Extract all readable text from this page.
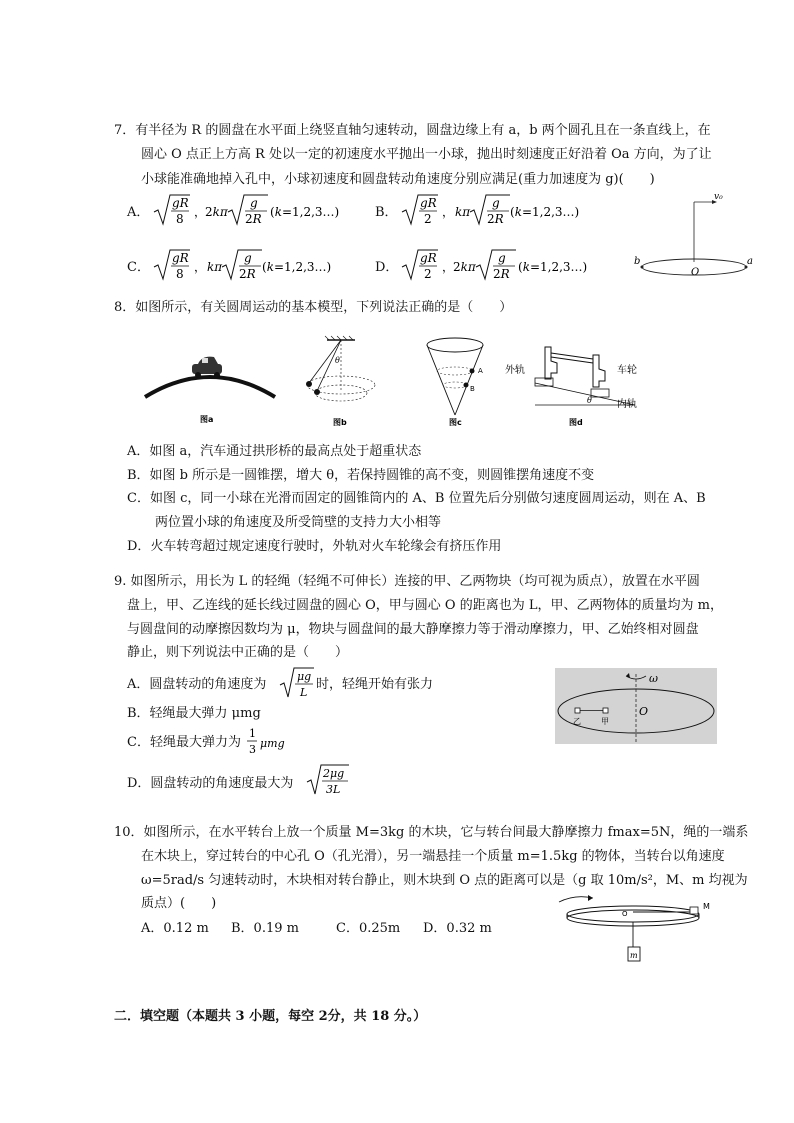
7．有半径为 R 的圆盘在水平面上绕竖直轴匀速转动，圆盘边缘上有 a，b 两个圆孔且在一条直线上，在
圆心 O 点正上方高 R 处以一定的初速度水平抛出一小球，抛出时刻速度正好沿着 Oa 方向，为了让
小球能准确地掉入孔中，小球初速度和圆盘转动角速度分别应满足(重力加速度为 g)(　　)
A．
gR
8 ，
2kπ
g
2R (k=1,2,3…)	B．
gR
2 ， kπ
g
2R (k=1,2,3…)
C．
gR
8 ， kπ
g
2R (k=1,2,3…)	D．
gR
2 ，
2kπ
g
2R (k=1,2,3…)
v₀
b
O
a
8．如图所示，有关圆周运动的基本模型，下列说法正确的是（　　）
图a
θ
图b
A
B
图c
θ
外轨	车轮
内轨
图d
A．如图 a，汽车通过拱形桥的最高点处于超重状态
B．如图 b 所示是一圆锥摆，增大 θ，若保持圆锥的高不变，则圆锥摆角速度不变
C．如图 c，同一小球在光滑而固定的圆锥筒内的 A、B 位置先后分别做匀速度圆周运动，则在 A、B
两位置小球的角速度及所受筒壁的支持力大小相等
D．火车转弯超过规定速度行驶时，外轨对火车轮缘会有挤压作用
9. 如图所示，用长为 L 的轻绳（轻绳不可伸长）连接的甲、乙两物块（均可视为质点），放置在水平圆
盘上，甲、乙连线的延长线过圆盘的圆心 O，甲与圆心 O 的距离也为 L，甲、乙两物体的质量均为 m，
与圆盘间的动摩擦因数均为 μ，物块与圆盘间的最大静摩擦力等于滑动摩擦力，甲、乙始终相对圆盘
静止，则下列说法中正确的是（　　）
A．圆盘转动的角速度为
μg
L
时，轻绳开始有张力
B．轻绳最大弹力 μmg
C．轻绳最大弹力为
1
3 μmg
D．圆盘转动的角速度最大为
2μg
3L
ω
乙	甲
O
10．如图所示，在水平转台上放一个质量 M=3kg 的木块，它与转台间最大静摩擦力 fmax=5N，绳的一端系
在木块上，穿过转台的中心孔 O（孔光滑），另一端悬挂一个质量 m=1.5kg 的物体，当转台以角速度
ω=5rad/s 匀速转动时，木块相对转台静止，则木块到 O 点的距离可以是（g 取 10m/s²，M、m 均视为
质点）(　　)
A．0.12 m B．0.19 m	C．0.25m D．0.32 m
O
M
m
二．填空题（本题共 3 小题，每空 2分，共 18 分。）
